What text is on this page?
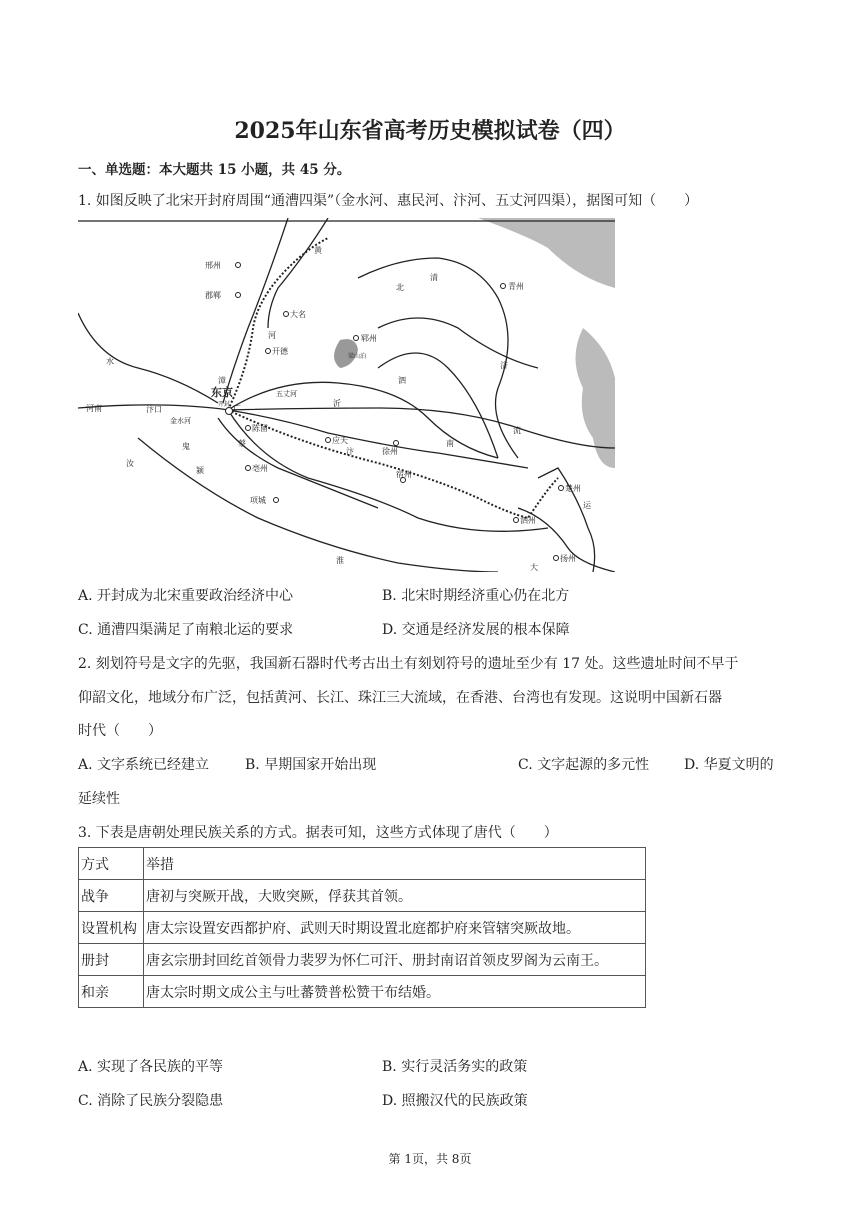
2025年山东省高考历史模拟试卷（四）
一、单选题：本大题共 15 小题，共 45 分。
1. 如图反映了北宋开封府周围“通漕四渠”（金水河、惠民河、汴河、五丈河四渠），据图可知（　　）
邢州
郡郸
大名
开德
郓州
梁山泊
青州
东京
开封
陈留
应天
徐州
宿州
亳州
项城
泗州
楚州
扬州
河南	汴口
黄
水
北
清
河
泗
南
济
淮
颍
汝
鬼
运
大
五丈河
金水河
广
蔡
汴
沂
漳
流
A. 开封成为北宋重要政治经济中心	B. 北宋时期经济重心仍在北方
C. 通漕四渠满足了南粮北运的要求	D. 交通是经济发展的根本保障
2. 刻划符号是文字的先驱，我国新石器时代考古出土有刻划符号的遗址至少有 17 处。这些遗址时间不早于
仰韶文化，地域分布广泛，包括黄河、长江、珠江三大流域，在香港、台湾也有发现。这说明中国新石器
时代（　　）
A. 文字系统已经建立	B. 早期国家开始出现	C. 文字起源的多元性 D. 华夏文明的
延续性
3. 下表是唐朝处理民族关系的方式。据表可知，这些方式体现了唐代（　　）
方式	举措
战争	唐初与突厥开战，大败突厥，俘获其首领。
设置机构	唐太宗设置安西都护府、武则天时期设置北庭都护府来管辖突厥故地。
册封	唐玄宗册封回纥首领骨力裴罗为怀仁可汗、册封南诏首领皮罗阁为云南王。
和亲	唐太宗时期文成公主与吐蕃赞普松赞干布结婚。
A. 实现了各民族的平等	B. 实行灵活务实的政策
C. 消除了民族分裂隐患	D. 照搬汉代的民族政策
第 1页，共 8页
